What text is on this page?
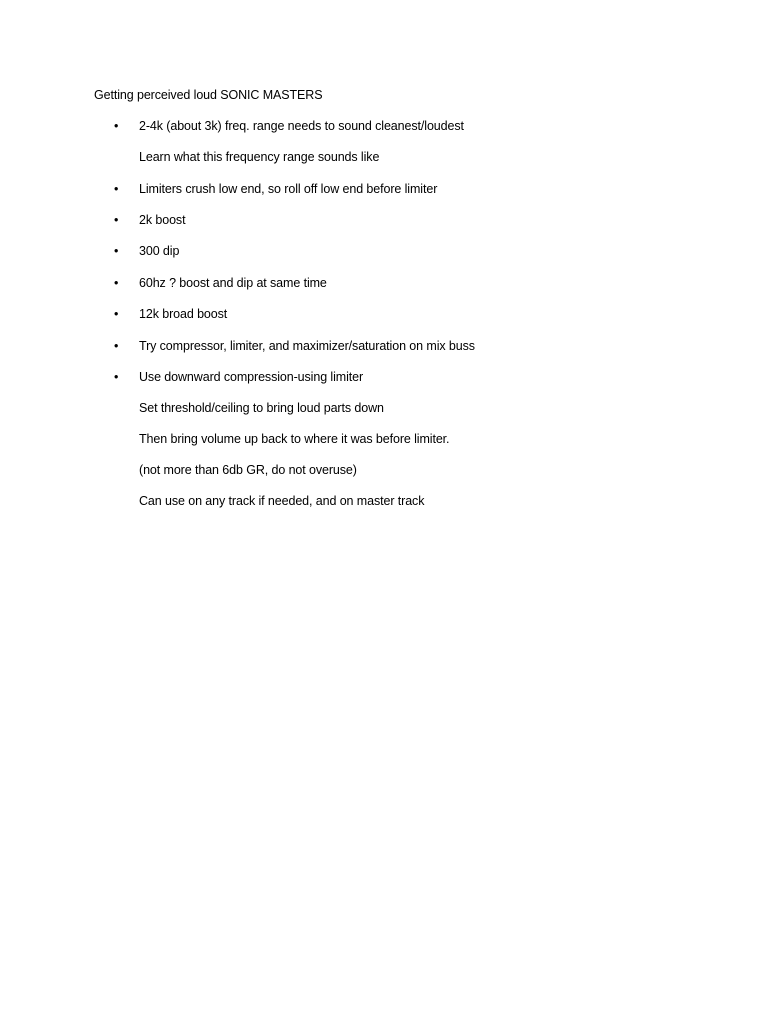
Getting perceived loud SONIC MASTERS
• 2-4k (about 3k) freq. range needs to sound cleanest/loudest
Learn what this frequency range sounds like
• Limiters crush low end, so roll off low end before limiter
• 2k boost
• 300 dip
• 60hz ? boost and dip at same time
• 12k broad boost
• Try compressor, limiter, and maximizer/saturation on mix buss
• Use downward compression-using limiter
Set threshold/ceiling to bring loud parts down
Then bring volume up back to where it was before limiter.
(not more than 6db GR, do not overuse)
Can use on any track if needed, and on master track
